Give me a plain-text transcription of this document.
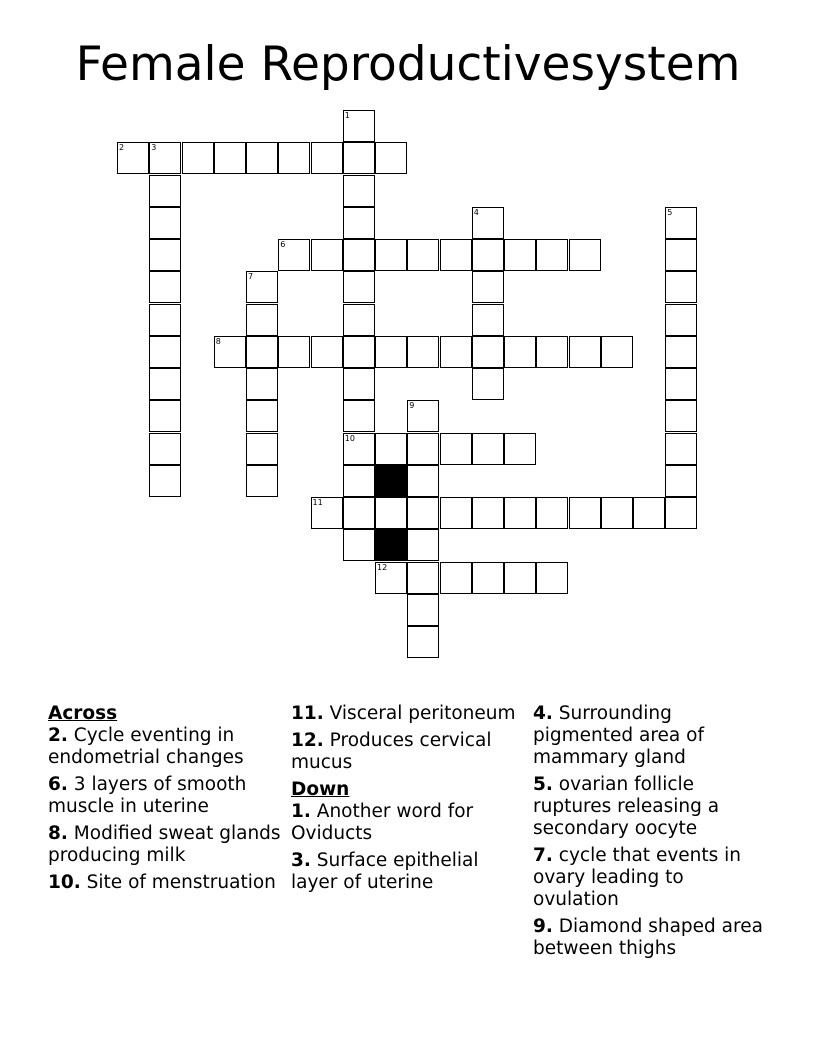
Female Reproductivesystem
1
10
2	3
4	5
6
7
8
9
11
12
Across
2. Cycle eventing in endometrial changes
6. 3 layers of smooth muscle in uterine
8. Modified sweat glands producing milk
10. Site of menstruation
11. Visceral peritoneum
12. Produces cervical mucus
Down
1. Another word for Oviducts
3. Surface epithelial layer of uterine
4. Surrounding pigmented area of mammary gland
5. ovarian follicle ruptures releasing a secondary oocyte
7. cycle that events in ovary leading to ovulation
9. Diamond shaped area between thighs
